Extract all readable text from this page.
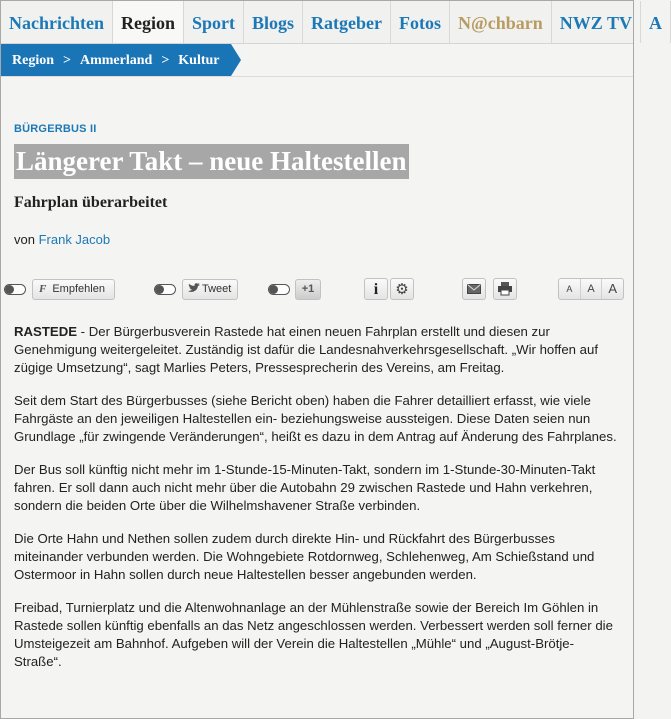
Nachrichten Region Sport Blogs Ratgeber Fotos N@chbarn NWZ TV A
Region > Ammerland > Kultur
BÜRGERBUS II
Längerer Takt – neue Haltestellen
Fahrplan überarbeitet
von Frank Jacob
F Empfehlen	Tweet	+1	i	⚙	A	A	A

RASTEDE - Der Bürgerbusverein Rastede hat einen neuen Fahrplan erstellt und diesen zur Genehmigung weitergeleitet. Zuständig ist dafür die Landesnahverkehrsgesellschaft. „Wir hoffen auf zügige Umsetzung“, sagt Marlies Peters, Pressesprecherin des Vereins, am Freitag.

Seit dem Start des Bürgerbusses (siehe Bericht oben) haben die Fahrer detailliert erfasst, wie viele Fahrgäste an den jeweiligen Haltestellen ein- beziehungsweise aussteigen. Diese Daten seien nun Grundlage „für zwingende Veränderungen“, heißt es dazu in dem Antrag auf Änderung des Fahrplanes.

Der Bus soll künftig nicht mehr im 1-Stunde-15-Minuten-Takt, sondern im 1-Stunde-30-Minuten-Takt fahren. Er soll dann auch nicht mehr über die Autobahn 29 zwischen Rastede und Hahn verkehren, sondern die beiden Orte über die Wilhelmshavener Straße verbinden.

Die Orte Hahn und Nethen sollen zudem durch direkte Hin- und Rückfahrt des Bürgerbusses miteinander verbunden werden. Die Wohngebiete Rotdornweg, Schlehenweg, Am Schießstand und Ostermoor in Hahn sollen durch neue Haltestellen besser angebunden werden.

Freibad, Turnierplatz und die Altenwohnanlage an der Mühlenstraße sowie der Bereich Im Göhlen in Rastede sollen künftig ebenfalls an das Netz angeschlossen werden. Verbessert werden soll ferner die Umsteigezeit am Bahnhof. Aufgeben will der Verein die Haltestellen „Mühle“ und „August-Brötje-Straße“.
